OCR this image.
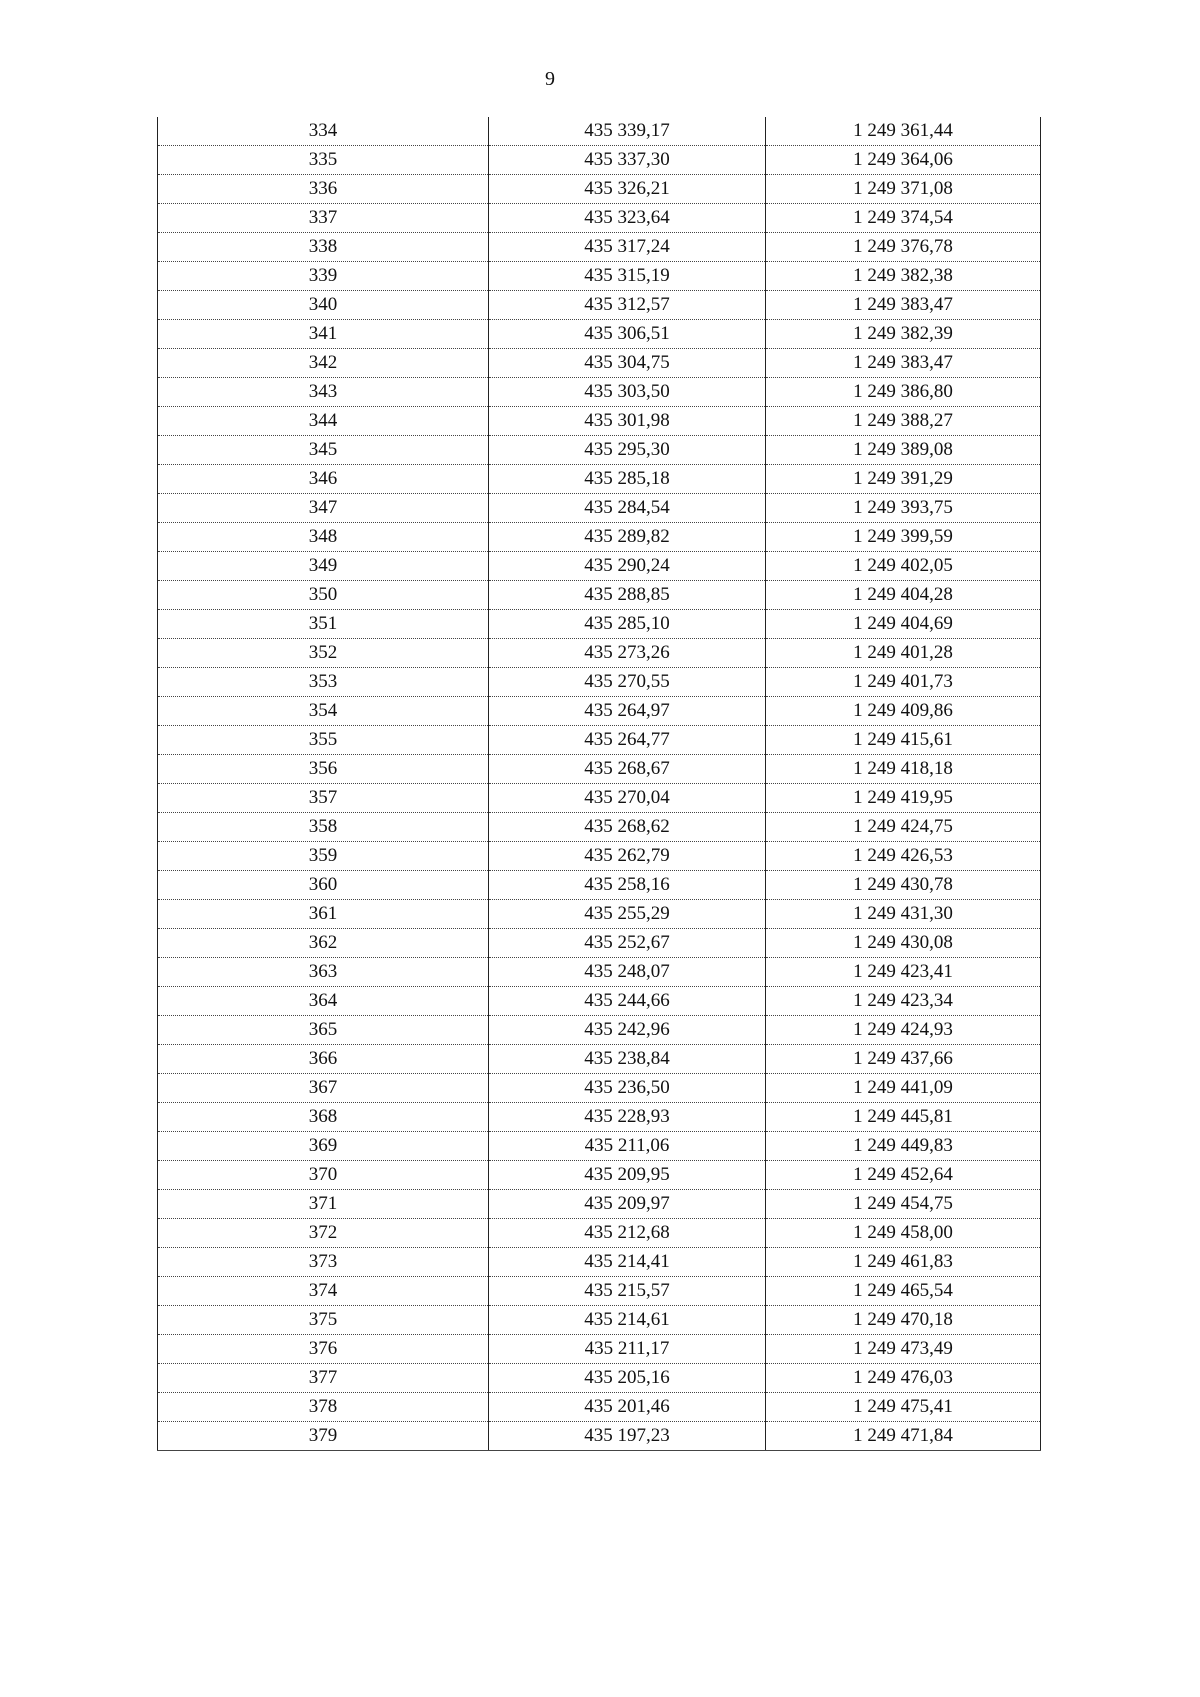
9
334	435 339,17	1 249 361,44
335	435 337,30	1 249 364,06
336	435 326,21	1 249 371,08
337	435 323,64	1 249 374,54
338	435 317,24	1 249 376,78
339	435 315,19	1 249 382,38
340	435 312,57	1 249 383,47
341	435 306,51	1 249 382,39
342	435 304,75	1 249 383,47
343	435 303,50	1 249 386,80
344	435 301,98	1 249 388,27
345	435 295,30	1 249 389,08
346	435 285,18	1 249 391,29
347	435 284,54	1 249 393,75
348	435 289,82	1 249 399,59
349	435 290,24	1 249 402,05
350	435 288,85	1 249 404,28
351	435 285,10	1 249 404,69
352	435 273,26	1 249 401,28
353	435 270,55	1 249 401,73
354	435 264,97	1 249 409,86
355	435 264,77	1 249 415,61
356	435 268,67	1 249 418,18
357	435 270,04	1 249 419,95
358	435 268,62	1 249 424,75
359	435 262,79	1 249 426,53
360	435 258,16	1 249 430,78
361	435 255,29	1 249 431,30
362	435 252,67	1 249 430,08
363	435 248,07	1 249 423,41
364	435 244,66	1 249 423,34
365	435 242,96	1 249 424,93
366	435 238,84	1 249 437,66
367	435 236,50	1 249 441,09
368	435 228,93	1 249 445,81
369	435 211,06	1 249 449,83
370	435 209,95	1 249 452,64
371	435 209,97	1 249 454,75
372	435 212,68	1 249 458,00
373	435 214,41	1 249 461,83
374	435 215,57	1 249 465,54
375	435 214,61	1 249 470,18
376	435 211,17	1 249 473,49
377	435 205,16	1 249 476,03
378	435 201,46	1 249 475,41
379	435 197,23	1 249 471,84
